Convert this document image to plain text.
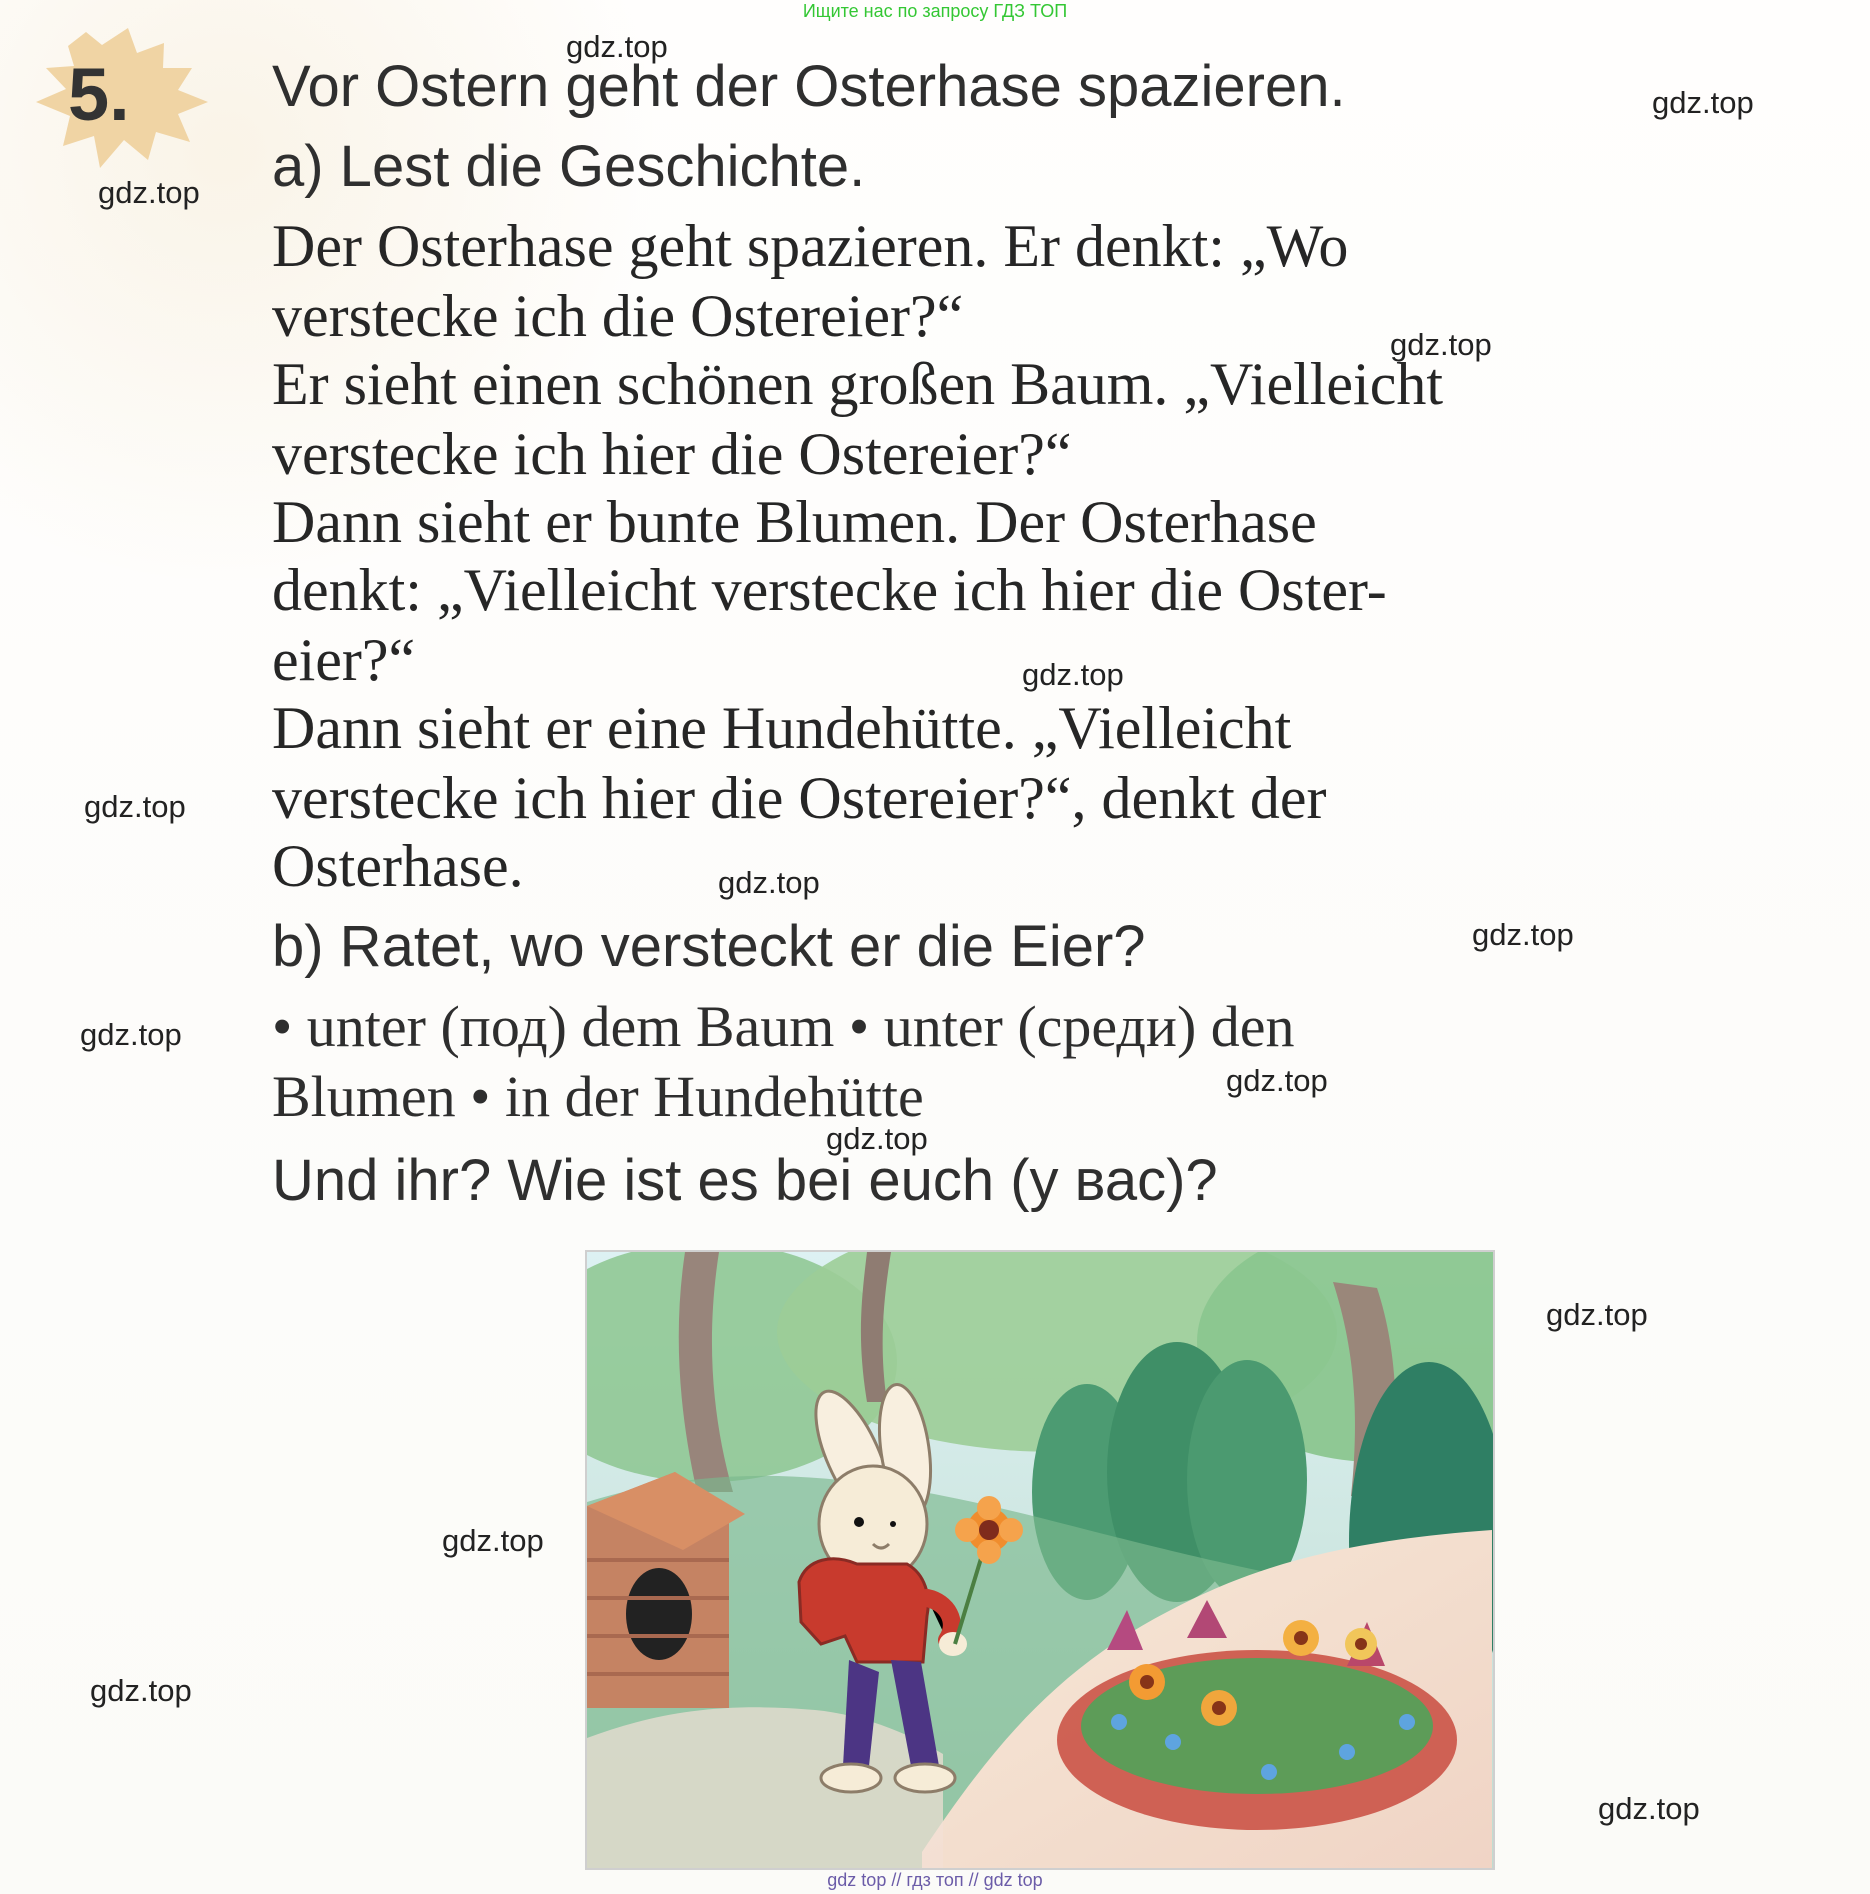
Ищите нас по запросу ГДЗ ТОП
5. Vor Ostern geht der Osterhase spazieren.

a) Lest die Geschichte.

Der Osterhase geht spazieren. Er denkt: „Wo

verstecke ich die Ostereier?“

Er sieht einen schönen großen Baum. „Vielleicht

verstecke ich hier die Ostereier?“

Dann sieht er bunte Blumen. Der Osterhase

denkt: „Vielleicht verstecke ich hier die Oster-

eier?“

Dann sieht er eine Hundehütte. „Vielleicht

verstecke ich hier die Ostereier?“, denkt der

Osterhase.

b) Ratet, wo versteckt er die Eier?

• unter (под) dem Baum • unter (среди) den

Blumen • in der Hundehütte

Und ihr? Wie ist es bei euch (у вас)?

gdz.top
gdz.top
gdz.top
gdz.top
gdz.top
gdz.top
gdz.top
gdz.top
gdz.top
gdz.top
gdz.top
gdz.top
gdz.top
gdz.top
gdz.top
gdz top // гдз топ // gdz top
